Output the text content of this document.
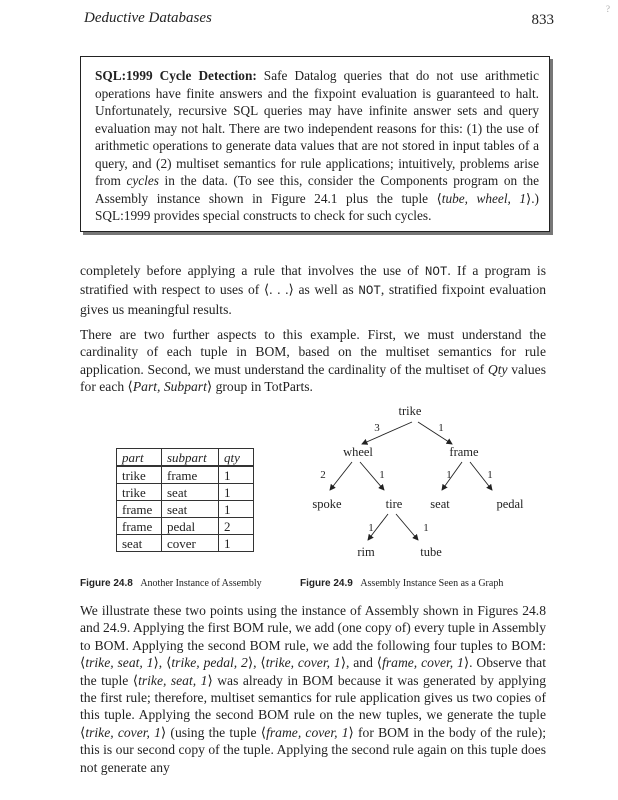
Deductive Databases	833
?

SQL:1999 Cycle Detection: Safe Datalog queries that do not use arithmetic operations have finite answers and the fixpoint evaluation is guaranteed to halt. Unfortunately, recursive SQL queries may have infinite answer sets and query evaluation may not halt. There are two independent reasons for this: (1) the use of arithmetic operations to generate data values that are not stored in input tables of a query, and (2) multiset semantics for rule applications; intuitively, problems arise from cycles in the data. (To see this, consider the Components program on the Assembly instance shown in Figure 24.1 plus the tuple ⟨tube, wheel, 1⟩.) SQL:1999 provides special constructs to check for such cycles.

completely before applying a rule that involves the use of NOT. If a program is stratified with respect to uses of ⟨. . .⟩ as well as NOT, stratified fixpoint evaluation gives us meaningful results.

There are two further aspects to this example. First, we must understand the cardinality of each tuple in BOM, based on the multiset semantics for rule application. Second, we must understand the cardinality of the multiset of Qty values for each ⟨Part, Subpart⟩ group in TotParts.

part	subpart	qty
trike	frame	1
trike	seat	1
frame	seat	1
frame	pedal	2
seat	cover	1
trike
wheel	frame
spoke	tire seat	pedal
rim	tube
3	1
2	1	1	1
1	1
Figure 24.8 Another Instance of Assembly	Figure 24.9 Assembly Instance Seen as a Graph

We illustrate these two points using the instance of Assembly shown in Figures 24.8 and 24.9. Applying the first BOM rule, we add (one copy of) every tuple in Assembly to BOM. Applying the second BOM rule, we add the following four tuples to BOM: ⟨trike, seat, 1⟩, ⟨trike, pedal, 2⟩, ⟨trike, cover, 1⟩, and ⟨frame, cover, 1⟩. Observe that the tuple ⟨trike, seat, 1⟩ was already in BOM because it was generated by applying the first rule; therefore, multiset semantics for rule application gives us two copies of this tuple. Applying the second BOM rule on the new tuples, we generate the tuple ⟨trike, cover, 1⟩ (using the tuple ⟨frame, cover, 1⟩ for BOM in the body of the rule); this is our second copy of the tuple. Applying the second rule again on this tuple does not generate any
